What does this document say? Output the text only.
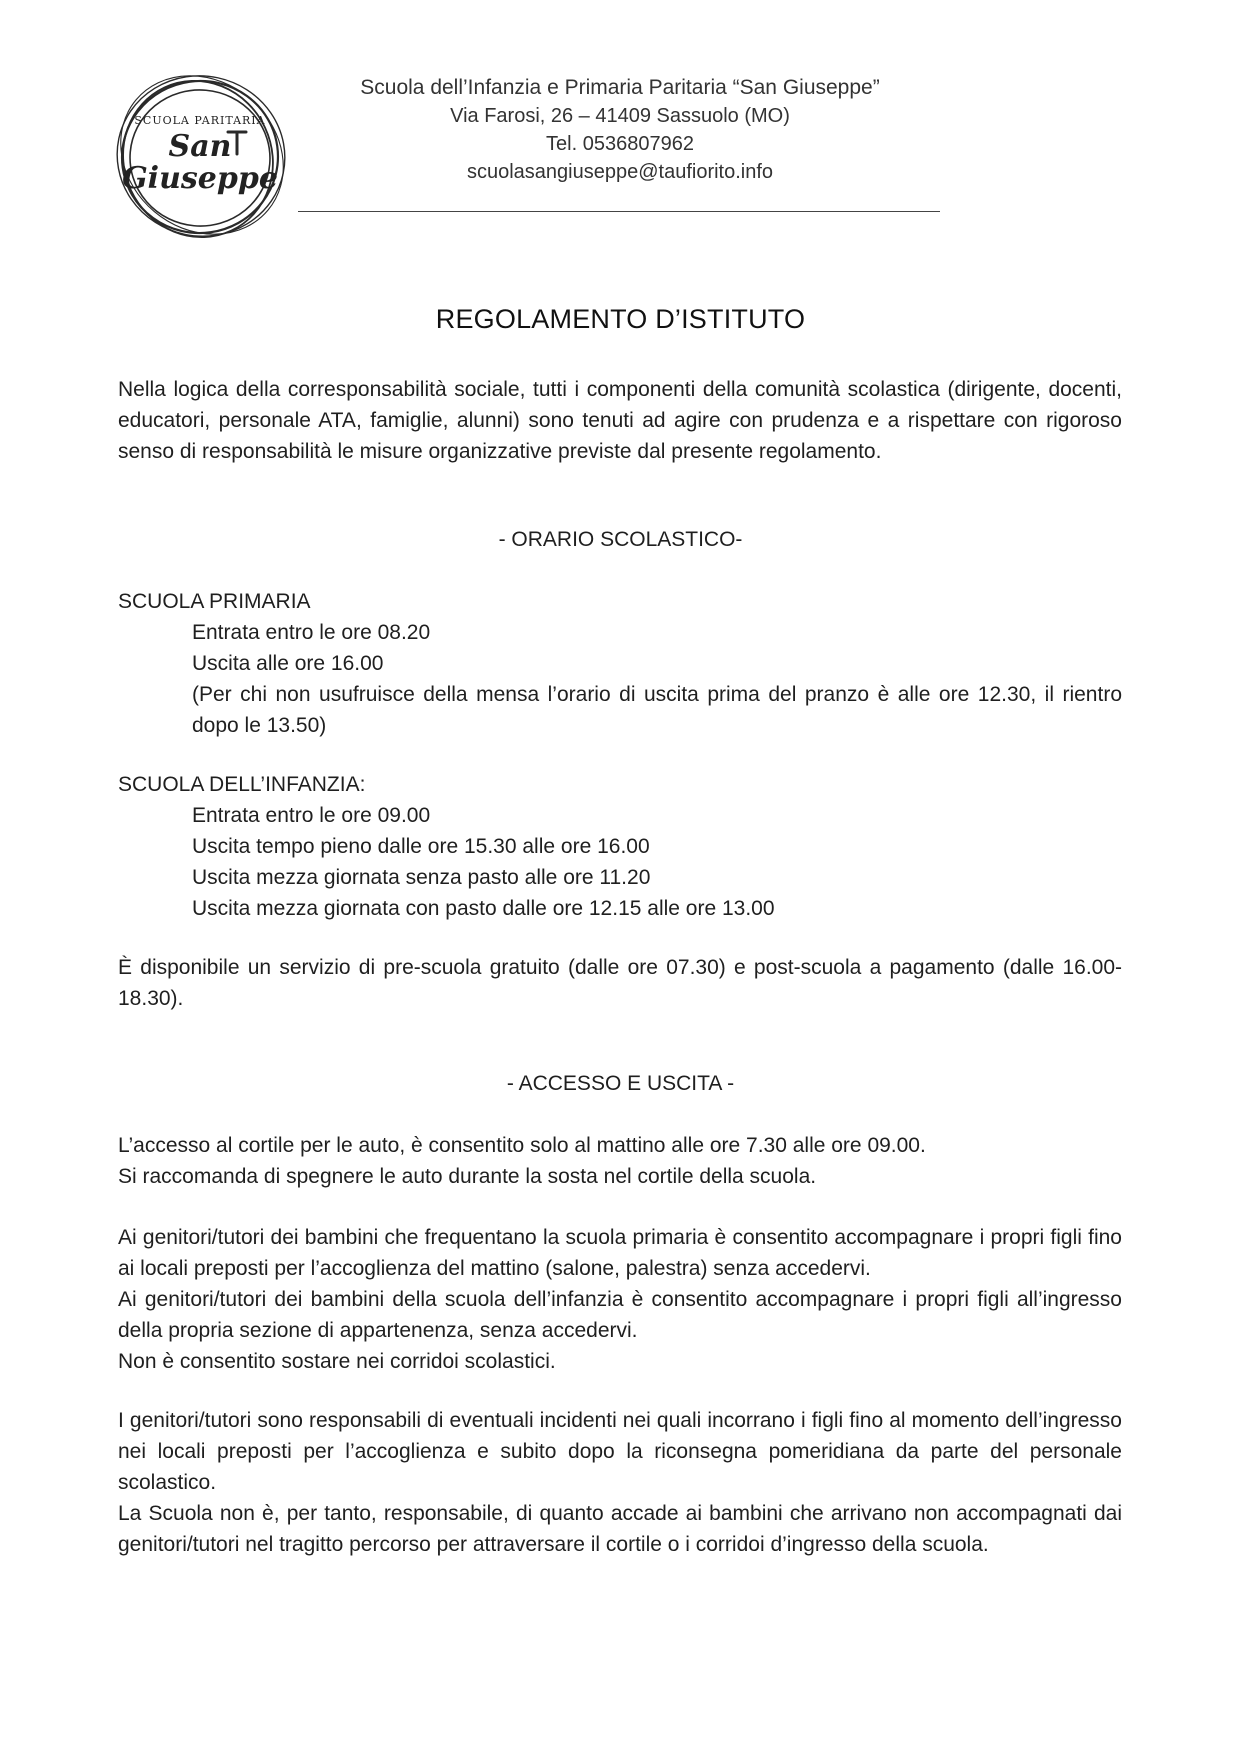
SCUOLA PARITARIA
San
Giuseppe
Scuola dell’Infanzia e Primaria Paritaria “San Giuseppe”
Via Farosi, 26 – 41409 Sassuolo (MO)
Tel. 0536807962
scuolasangiuseppe@taufiorito.info
REGOLAMENTO D’ISTITUTO
Nella logica della corresponsabilità sociale, tutti i componenti della comunità scolastica (dirigente, docenti, educatori, personale ATA, famiglie, alunni) sono tenuti ad agire con prudenza e a rispettare con rigoroso senso di responsabilità le misure organizzative previste dal presente regolamento.
- ORARIO SCOLASTICO-

SCUOLA PRIMARIA

Entrata entro le ore 08.20

Uscita alle ore 16.00

(Per chi non usufruisce della mensa l’orario di uscita prima del pranzo è alle ore 12.30, il rientro dopo le 13.50)

SCUOLA DELL’INFANZIA:

Entrata entro le ore 09.00

Uscita tempo pieno dalle ore 15.30 alle ore 16.00

Uscita mezza giornata senza pasto alle ore 11.20

Uscita mezza giornata con pasto dalle ore 12.15 alle ore 13.00

È disponibile un servizio di pre-scuola gratuito (dalle ore 07.30) e post-scuola a pagamento (dalle 16.00-18.30).
- ACCESSO E USCITA -

L’accesso al cortile per le auto, è consentito solo al mattino alle ore 7.30 alle ore 09.00.

Si raccomanda di spegnere le auto durante la sosta nel cortile della scuola.

Ai genitori/tutori dei bambini che frequentano la scuola primaria è consentito accompagnare i propri figli fino ai locali preposti per l’accoglienza del mattino (salone, palestra) senza accedervi.

Ai genitori/tutori dei bambini della scuola dell’infanzia è consentito accompagnare i propri figli all’ingresso della propria sezione di appartenenza, senza accedervi.

Non è consentito sostare nei corridoi scolastici.

I genitori/tutori sono responsabili di eventuali incidenti nei quali incorrano i figli fino al momento dell’ingresso nei locali preposti per l’accoglienza e subito dopo la riconsegna pomeridiana da parte del personale scolastico.

La Scuola non è, per tanto, responsabile, di quanto accade ai bambini che arrivano non accompagnati dai genitori/tutori nel tragitto percorso per attraversare il cortile o i corridoi d’ingresso della scuola.
